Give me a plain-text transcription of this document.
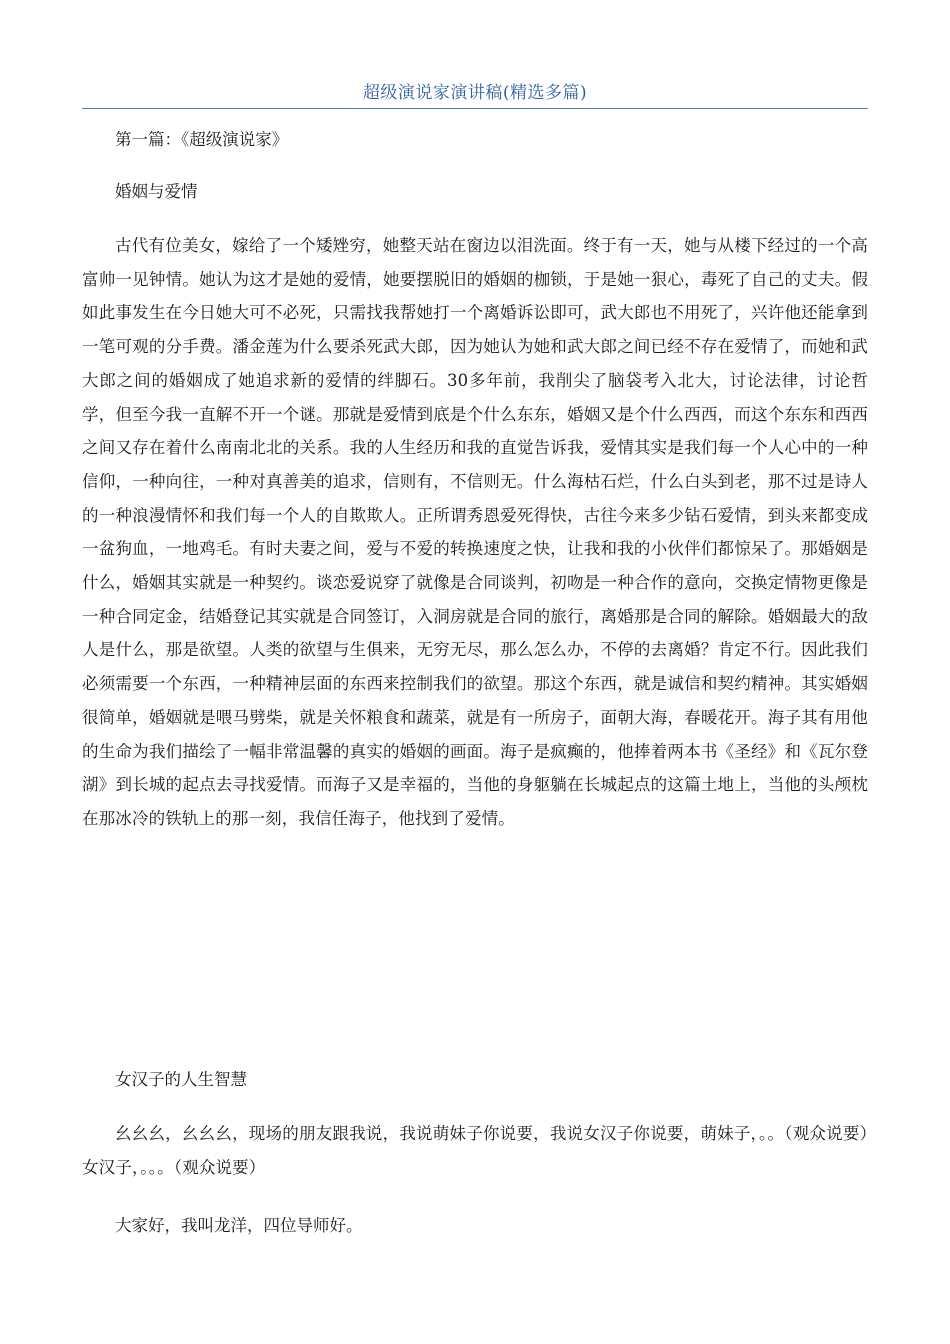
超级演说家演讲稿(精选多篇)

第一篇：《超级演说家》

婚姻与爱情

古代有位美女，嫁给了一个矮矬穷，她整天站在窗边以泪洗面。终于有一天，她与从楼下经过的一个高富帅一见钟情。她认为这才是她的爱情，她要摆脱旧的婚姻的枷锁，于是她一狠心，毒死了自己的丈夫。假如此事发生在今日她大可不必死，只需找我帮她打一个离婚诉讼即可，武大郎也不用死了，兴许他还能拿到一笔可观的分手费。潘金莲为什么要杀死武大郎，因为她认为她和武大郎之间已经不存在爱情了，而她和武大郎之间的婚姻成了她追求新的爱情的绊脚石。30多年前，我削尖了脑袋考入北大，讨论法律，讨论哲学，但至今我一直解不开一个谜。那就是爱情到底是个什么东东，婚姻又是个什么西西，而这个东东和西西之间又存在着什么南南北北的关系。我的人生经历和我的直觉告诉我，爱情其实是我们每一个人心中的一种信仰，一种向往，一种对真善美的追求，信则有，不信则无。什么海枯石烂，什么白头到老，那不过是诗人的一种浪漫情怀和我们每一个人的自欺欺人。正所谓秀恩爱死得快，古往今来多少钻石爱情，到头来都变成一盆狗血，一地鸡毛。有时夫妻之间，爱与不爱的转换速度之快，让我和我的小伙伴们都惊呆了。那婚姻是什么，婚姻其实就是一种契约。谈恋爱说穿了就像是合同谈判，初吻是一种合作的意向，交换定情物更像是一种合同定金，结婚登记其实就是合同签订，入洞房就是合同的旅行，离婚那是合同的解除。婚姻最大的敌人是什么，那是欲望。人类的欲望与生俱来，无穷无尽，那么怎么办，不停的去离婚？肯定不行。因此我们必须需要一个东西，一种精神层面的东西来控制我们的欲望。那这个东西，就是诚信和契约精神。其实婚姻很简单，婚姻就是喂马劈柴，就是关怀粮食和蔬菜，就是有一所房子，面朝大海，春暖花开。海子其有用他的生命为我们描绘了一幅非常温馨的真实的婚姻的画面。海子是疯癫的，他捧着两本书《圣经》和《瓦尔登湖》到长城的起点去寻找爱情。而海子又是幸福的，当他的身躯躺在长城起点的这篇土地上，当他的头颅枕在那冰冷的铁轨上的那一刻，我信任海子，他找到了爱情。

女汉子的人生智慧

幺幺幺，幺幺幺，现场的朋友跟我说，我说萌妹子你说要，我说女汉子你说要，萌妹子，。。（观众说要）女汉子，。。。（观众说要）

大家好，我叫龙洋，四位导师好。
